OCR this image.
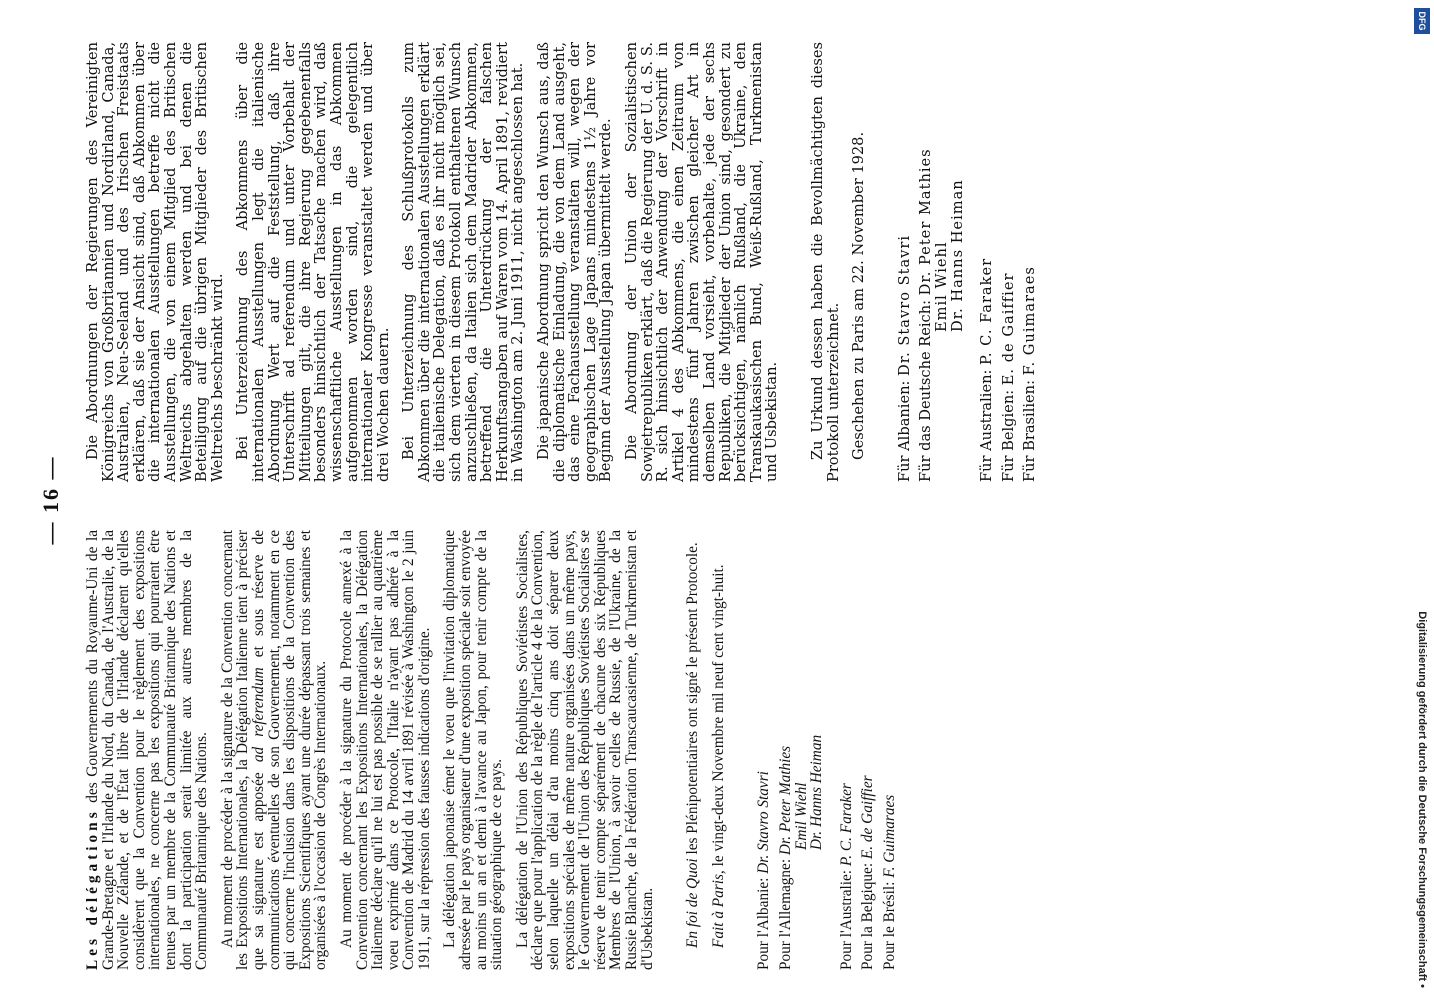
— 16 —

Les délégations des Gouvernements du Royaume-Uni de la Grande-Bretagne et l'Irlande du Nord, du Canada, de l'Australie, de la Nouvelle Zélande, et de l'État libre de l'Irlande déclarent qu'elles considèrent que la Convention pour le règlement des expositions internationales, ne concerne pas les expositions qui pourraient être tenues par un membre de la Communauté Britannique des Nations et dont la participation serait limitée aux autres membres de la Communauté Britannique des Nations. Au moment de procéder à la signature de la Convention concernant les Expositions Internationales, la Délégation Italienne tient à préciser que sa signature est apposée ad referendum et sous réserve de communications éventuelles de son Gouvernement, notamment en ce qui concerne l'inclusion dans les dispositions de la Convention des Expositions Scientifiques ayant une durée dépassant trois semaines et organisées à l'occasion de Congrès Internationaux. Au moment de procéder à la signature du Protocole annexé à la Convention concernant les Expositions Internationales, la Délégation Italienne déclare qu'il ne lui est pas possible de se rallier au quatrième voeu exprimé dans ce Protocole, l'Italie n'ayant pas adhéré à la Convention de Madrid du 14 avril 1891 révisée à Washington le 2 juin 1911, sur la répression des fausses indications d'origine. La délégation japonaise émet le voeu que l'invitation diplomatique adressée par le pays organisateur d'une exposition spéciale soit envoyée au moins un an et demi à l'avance au Japon, pour tenir compte de la situation géographique de ce pays. La délégation de l'Union des Républiques Soviétistes Socialistes, déclare que pour l'application de la règle de l'article 4 de la Convention, selon laquelle un délai d'au moins cinq ans doit séparer deux expositions spéciales de même nature organisées dans un même pays, le Gouvernement de l'Union des Républiques Soviétistes Socialistes se réserve de tenir compte séparément de chacune des six Républiques Membres de l'Union, à savoir celles de Russie, de l'Ukraine, de la Russie Blanche, de la Fédération Transcaucasienne, de Turkmenistan et d'Usbekistan. En foi de Quoi les Plénipotentiaires ont signé le présent Protocole.

Fait à Paris, le vingt-deux Novembre mil neuf cent vingt-huit.

Pour l'Albanie: Dr. Stavro Stavri
Pour l'Allemagne: Dr. Peter Mathies
Emil Wiehl
Dr. Hanns Heiman

Pour l'Australie: P. C. Faraker
Pour la Belgique: E. de Gaiffier
Pour le Brésil: F. Guimaraes

Die Abordnungen der Regierungen des Vereinigten Königreichs von Großbritannien und Nordirland, Canada, Australien, Neu-Seeland und des Irischen Freistaats erklären, daß sie der Ansicht sind, daß Abkommen über die internationalen Ausstellungen betreffe nicht die Ausstellungen, die von einem Mitglied des Britischen Weltreichs abgehalten werden und bei denen die Beteiligung auf die übrigen Mitglieder des Britischen Weltreichs beschränkt wird. Bei Unterzeichnung des Abkommens über die internationalen Ausstellungen legt die italienische Abordnung Wert auf die Feststellung, daß ihre Unterschrift ad referendum und unter Vorbehalt der Mitteilungen gilt, die ihre Regierung gegebenenfalls besonders hinsichtlich der Tatsache machen wird, daß wissenschaftliche Ausstellungen in das Abkommen aufgenommen worden sind, die gelegentlich internationaler Kongresse veranstaltet werden und über drei Wochen dauern. Bei Unterzeichnung des Schlußprotokolls zum Abkommen über die internationalen Ausstellungen erklärt die italienische Delegation, daß es ihr nicht möglich sei, sich dem vierten in diesem Protokoll enthaltenen Wunsch anzuschließen, da Italien sich dem Madrider Abkommen, betreffend die Unterdrückung der falschen Herkunftsangaben auf Waren vom 14. April 1891, revidiert in Washington am 2. Juni 1911, nicht angeschlossen hat. Die japanische Abordnung spricht den Wunsch aus, daß die diplomatische Einladung, die von dem Land ausgeht, das eine Fachausstellung veranstalten will, wegen der geographischen Lage Japans mindestens 1½ Jahre vor Beginn der Ausstellung Japan übermittelt werde. Die Abordnung der Union der Sozialistischen Sowjetrepubliken erklärt, daß die Regierung der U. d. S. S. R. sich hinsichtlich der Anwendung der Vorschrift in Artikel 4 des Abkommens, die einen Zeitraum von mindestens fünf Jahren zwischen gleicher Art in demselben Land vorsieht, vorbehalte, jede der sechs Republiken, die Mitglieder der Union sind, gesondert zu berücksichtigen, nämlich Rußland, die Ukraine, den Transkaukasischen Bund, Weiß-Rußland, Turkmenistan und Usbekistan. Zu Urkund dessen haben die Bevollmächtigten dieses Protokoll unterzeichnet. Geschehen zu Paris am 22. November 1928. Für Albanien: Dr. Stavro Stavri Für das Deutsche Reich: Dr. Peter Mathies
Emil Wiehl
Dr. Hanns Heiman

Für Australien: P. C. Faraker
Für Belgien: E. de Gaiffier
Für Brasilien: F. Guimaraes
DFG
Digitalisierung gefördert durch die Deutsche Forschungsgemeinschaft •
